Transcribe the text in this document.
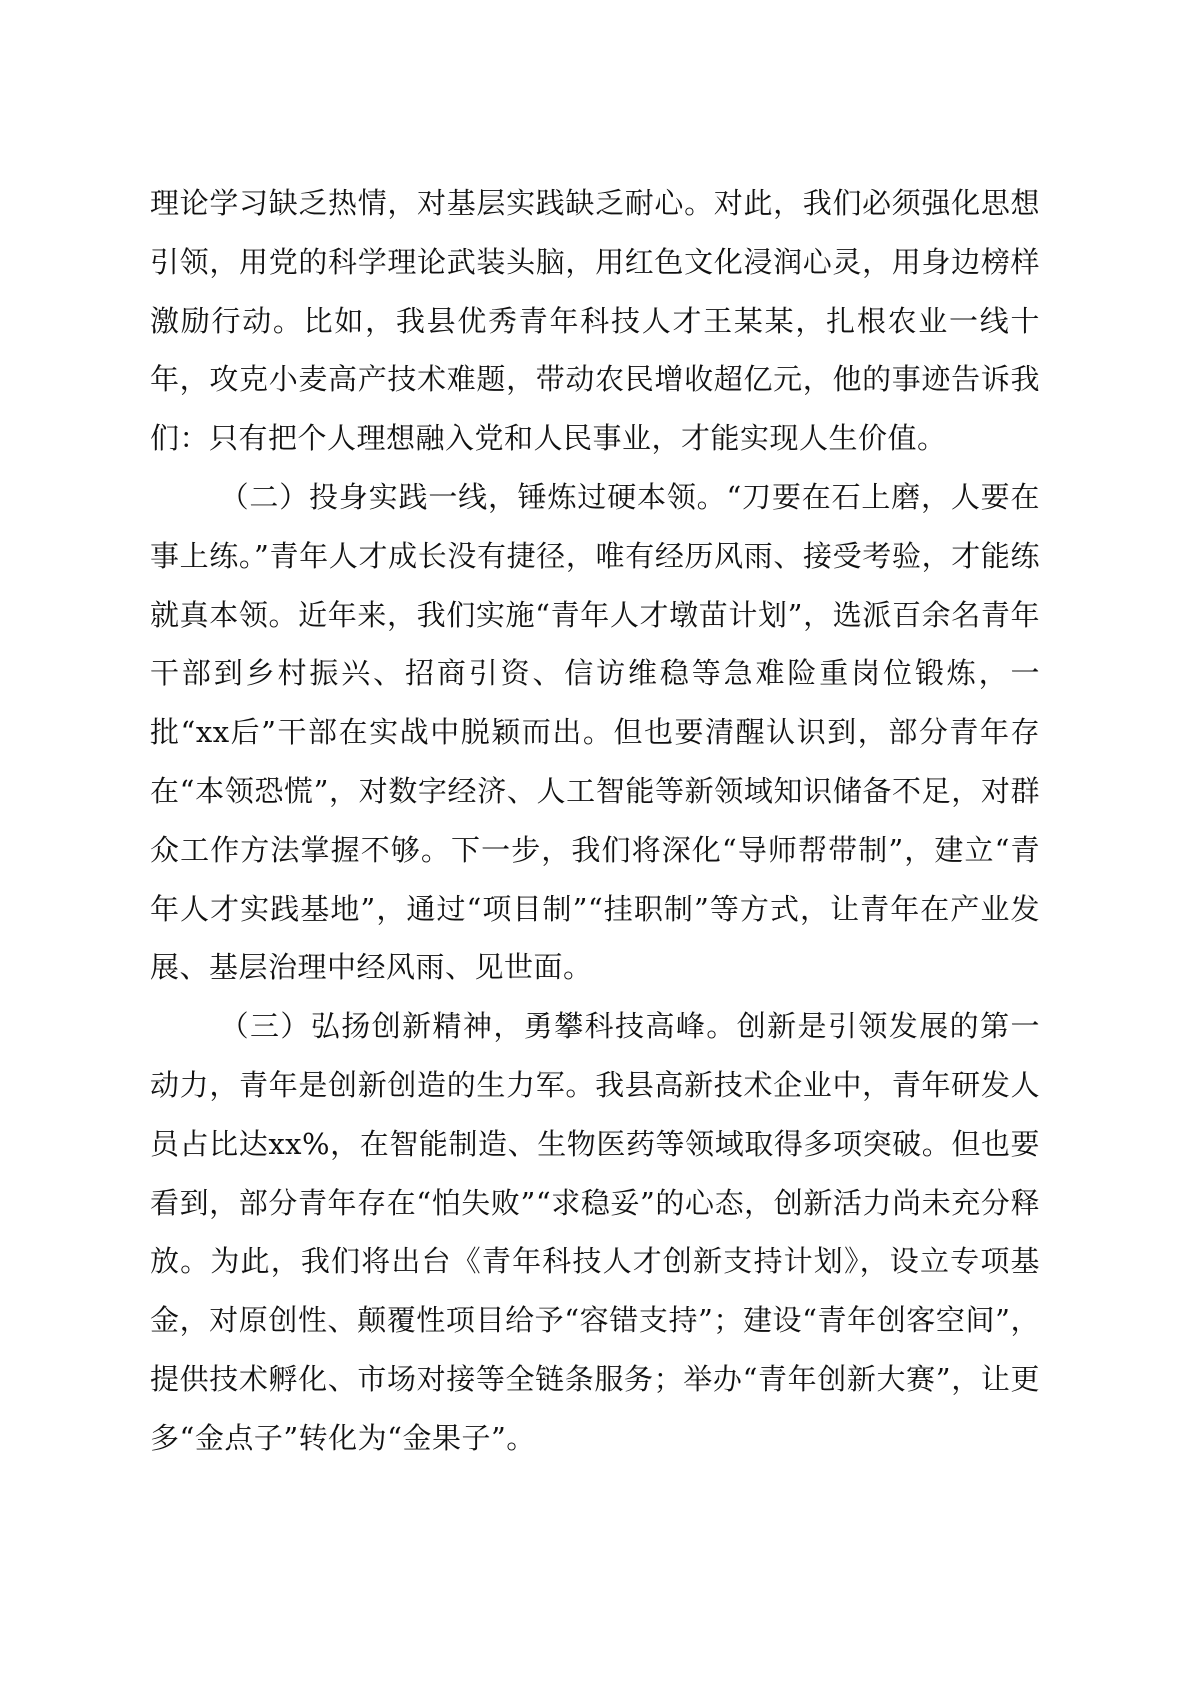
理论学习缺乏热情，对基层实践缺乏耐心。对此，我们必须强化思想引领，用党的科学理论武装头脑，用红色文化浸润心灵，用身边榜样激励行动。比如，我县优秀青年科技人才王某某，扎根农业一线十年，攻克小麦高产技术难题，带动农民增收超亿元，他的事迹告诉我们：只有把个人理想融入党和人民事业，才能实现人生价值。

（二）投身实践一线，锤炼过硬本领。“刀要在石上磨，人要在事上练。”青年人才成长没有捷径，唯有经历风雨、接受考验，才能练就真本领。近年来，我们实施“青年人才墩苗计划”，选派百余名青年干部到乡村振兴、招商引资、信访维稳等急难险重岗位锻炼，一批“xx后”干部在实战中脱颖而出。但也要清醒认识到，部分青年存在“本领恐慌”，对数字经济、人工智能等新领域知识储备不足，对群众工作方法掌握不够。下一步，我们将深化“导师帮带制”，建立“青年人才实践基地”，通过“项目制”“挂职制”等方式，让青年在产业发展、基层治理中经风雨、见世面。

（三）弘扬创新精神，勇攀科技高峰。创新是引领发展的第一动力，青年是创新创造的生力军。我县高新技术企业中，青年研发人员占比达xx%，在智能制造、生物医药等领域取得多项突破。但也要看到，部分青年存在“怕失败”“求稳妥”的心态，创新活力尚未充分释放。为此，我们将出台《青年科技人才创新支持计划》，设立专项基金，对原创性、颠覆性项目给予“容错支持”；建设“青年创客空间”，提供技术孵化、市场对接等全链条服务；举办“青年创新大赛”，让更多“金点子”转化为“金果子”。
